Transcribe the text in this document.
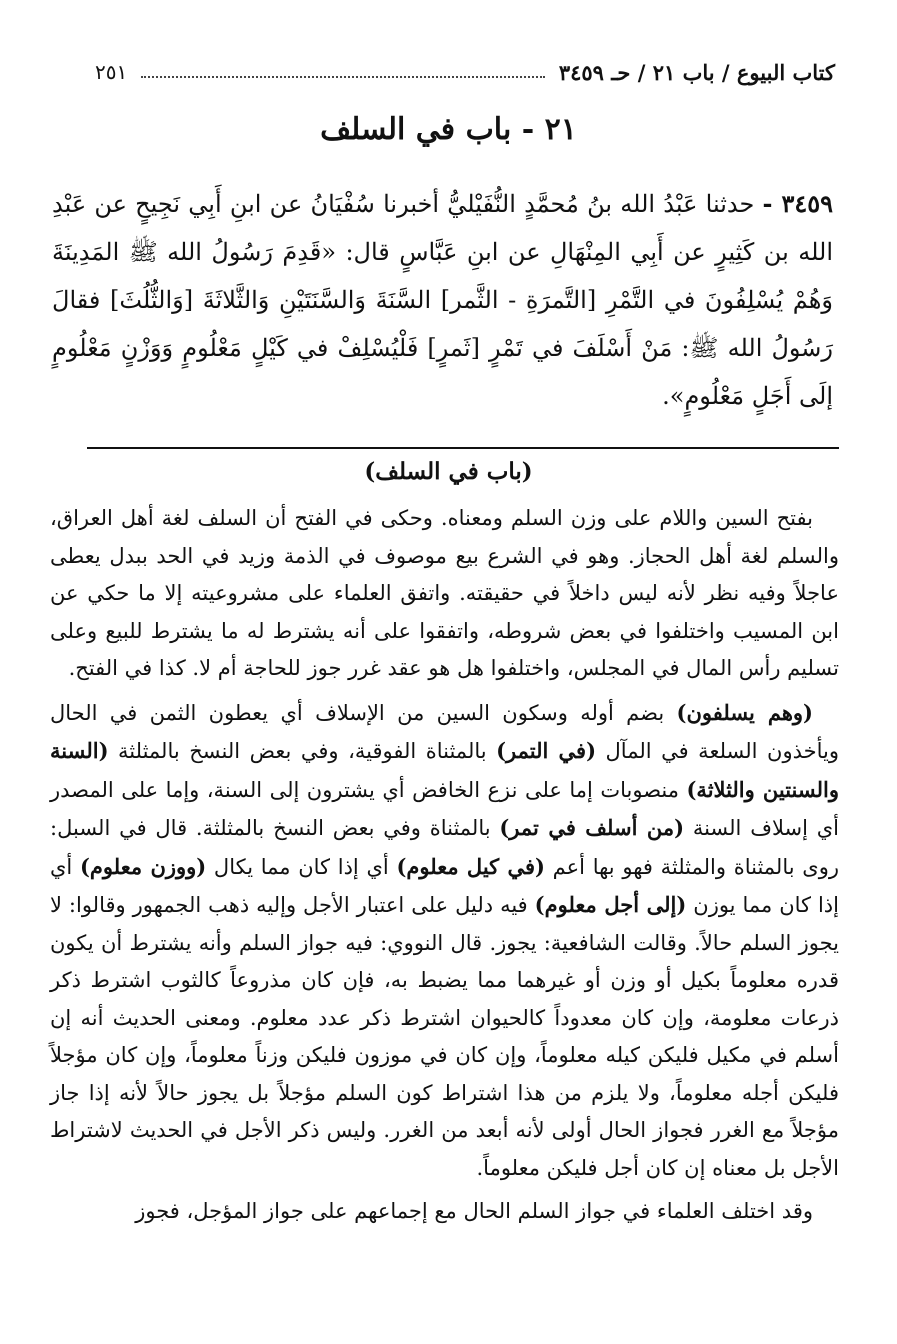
كتاب البيوع / باب ٢١ / حـ ٣٤٥٩
٢٥١
٢١ - باب في السلف
٣٤٥٩ - حدثنا عَبْدُ الله بنُ مُحمَّدٍ النُّفَيْليُّ أخبرنا سُفْيَانُ عن ابنِ أَبِي نَجِيحٍ عن عَبْدِ الله بن كَثِيرٍ عن أَبِي المِنْهَالِ عن ابنِ عَبَّاسٍ قال: «قَدِمَ رَسُولُ الله ﷺ المَدِينَةَ وَهُمْ يُسْلِفُونَ في التَّمْرِ [التَّمرَةِ - الثَّمر] السَّنَةَ وَالسَّنَتَيْنِ وَالثَّلاثَةَ [وَالثُّلُثَ] فقالَ رَسُولُ الله ﷺ: مَنْ أَسْلَفَ في تَمْرٍ [ثَمرٍ] فَلْيُسْلِفْ في كَيْلٍ مَعْلُومٍ وَوَزْنٍ مَعْلُومٍ إلَى أَجَلٍ مَعْلُومٍ».
(باب في السلف)

بفتح السين واللام على وزن السلم ومعناه. وحكى في الفتح أن السلف لغة أهل العراق، والسلم لغة أهل الحجاز. وهو في الشرع بيع موصوف في الذمة وزيد في الحد ببدل يعطى عاجلاً وفيه نظر لأنه ليس داخلاً في حقيقته. واتفق العلماء على مشروعيته إلا ما حكي عن ابن المسيب واختلفوا في بعض شروطه، واتفقوا على أنه يشترط له ما يشترط للبيع وعلى تسليم رأس المال في المجلس، واختلفوا هل هو عقد غرر جوز للحاجة أم لا. كذا في الفتح.

(وهم يسلفون) بضم أوله وسكون السين من الإسلاف أي يعطون الثمن في الحال ويأخذون السلعة في المآل (في التمر) بالمثناة الفوقية، وفي بعض النسخ بالمثلثة (السنة والسنتين والثلاثة) منصوبات إما على نزع الخافض أي يشترون إلى السنة، وإما على المصدر أي إسلاف السنة (من أسلف في تمر) بالمثناة وفي بعض النسخ بالمثلثة. قال في السبل: روى بالمثناة والمثلثة فهو بها أعم (في كيل معلوم) أي إذا كان مما يكال (ووزن معلوم) أي إذا كان مما يوزن (إلى أجل معلوم) فيه دليل على اعتبار الأجل وإليه ذهب الجمهور وقالوا: لا يجوز السلم حالاً. وقالت الشافعية: يجوز. قال النووي: فيه جواز السلم وأنه يشترط أن يكون قدره معلوماً بكيل أو وزن أو غيرهما مما يضبط به، فإن كان مذروعاً كالثوب اشترط ذكر ذرعات معلومة، وإن كان معدوداً كالحيوان اشترط ذكر عدد معلوم. ومعنى الحديث أنه إن أسلم في مكيل فليكن كيله معلوماً، وإن كان في موزون فليكن وزناً معلوماً، وإن كان مؤجلاً فليكن أجله معلوماً، ولا يلزم من هذا اشتراط كون السلم مؤجلاً بل يجوز حالاً لأنه إذا جاز مؤجلاً مع الغرر فجواز الحال أولى لأنه أبعد من الغرر. وليس ذكر الأجل في الحديث لاشتراط الأجل بل معناه إن كان أجل فليكن معلوماً.

وقد اختلف العلماء في جواز السلم الحال مع إجماعهم على جواز المؤجل، فجوز
